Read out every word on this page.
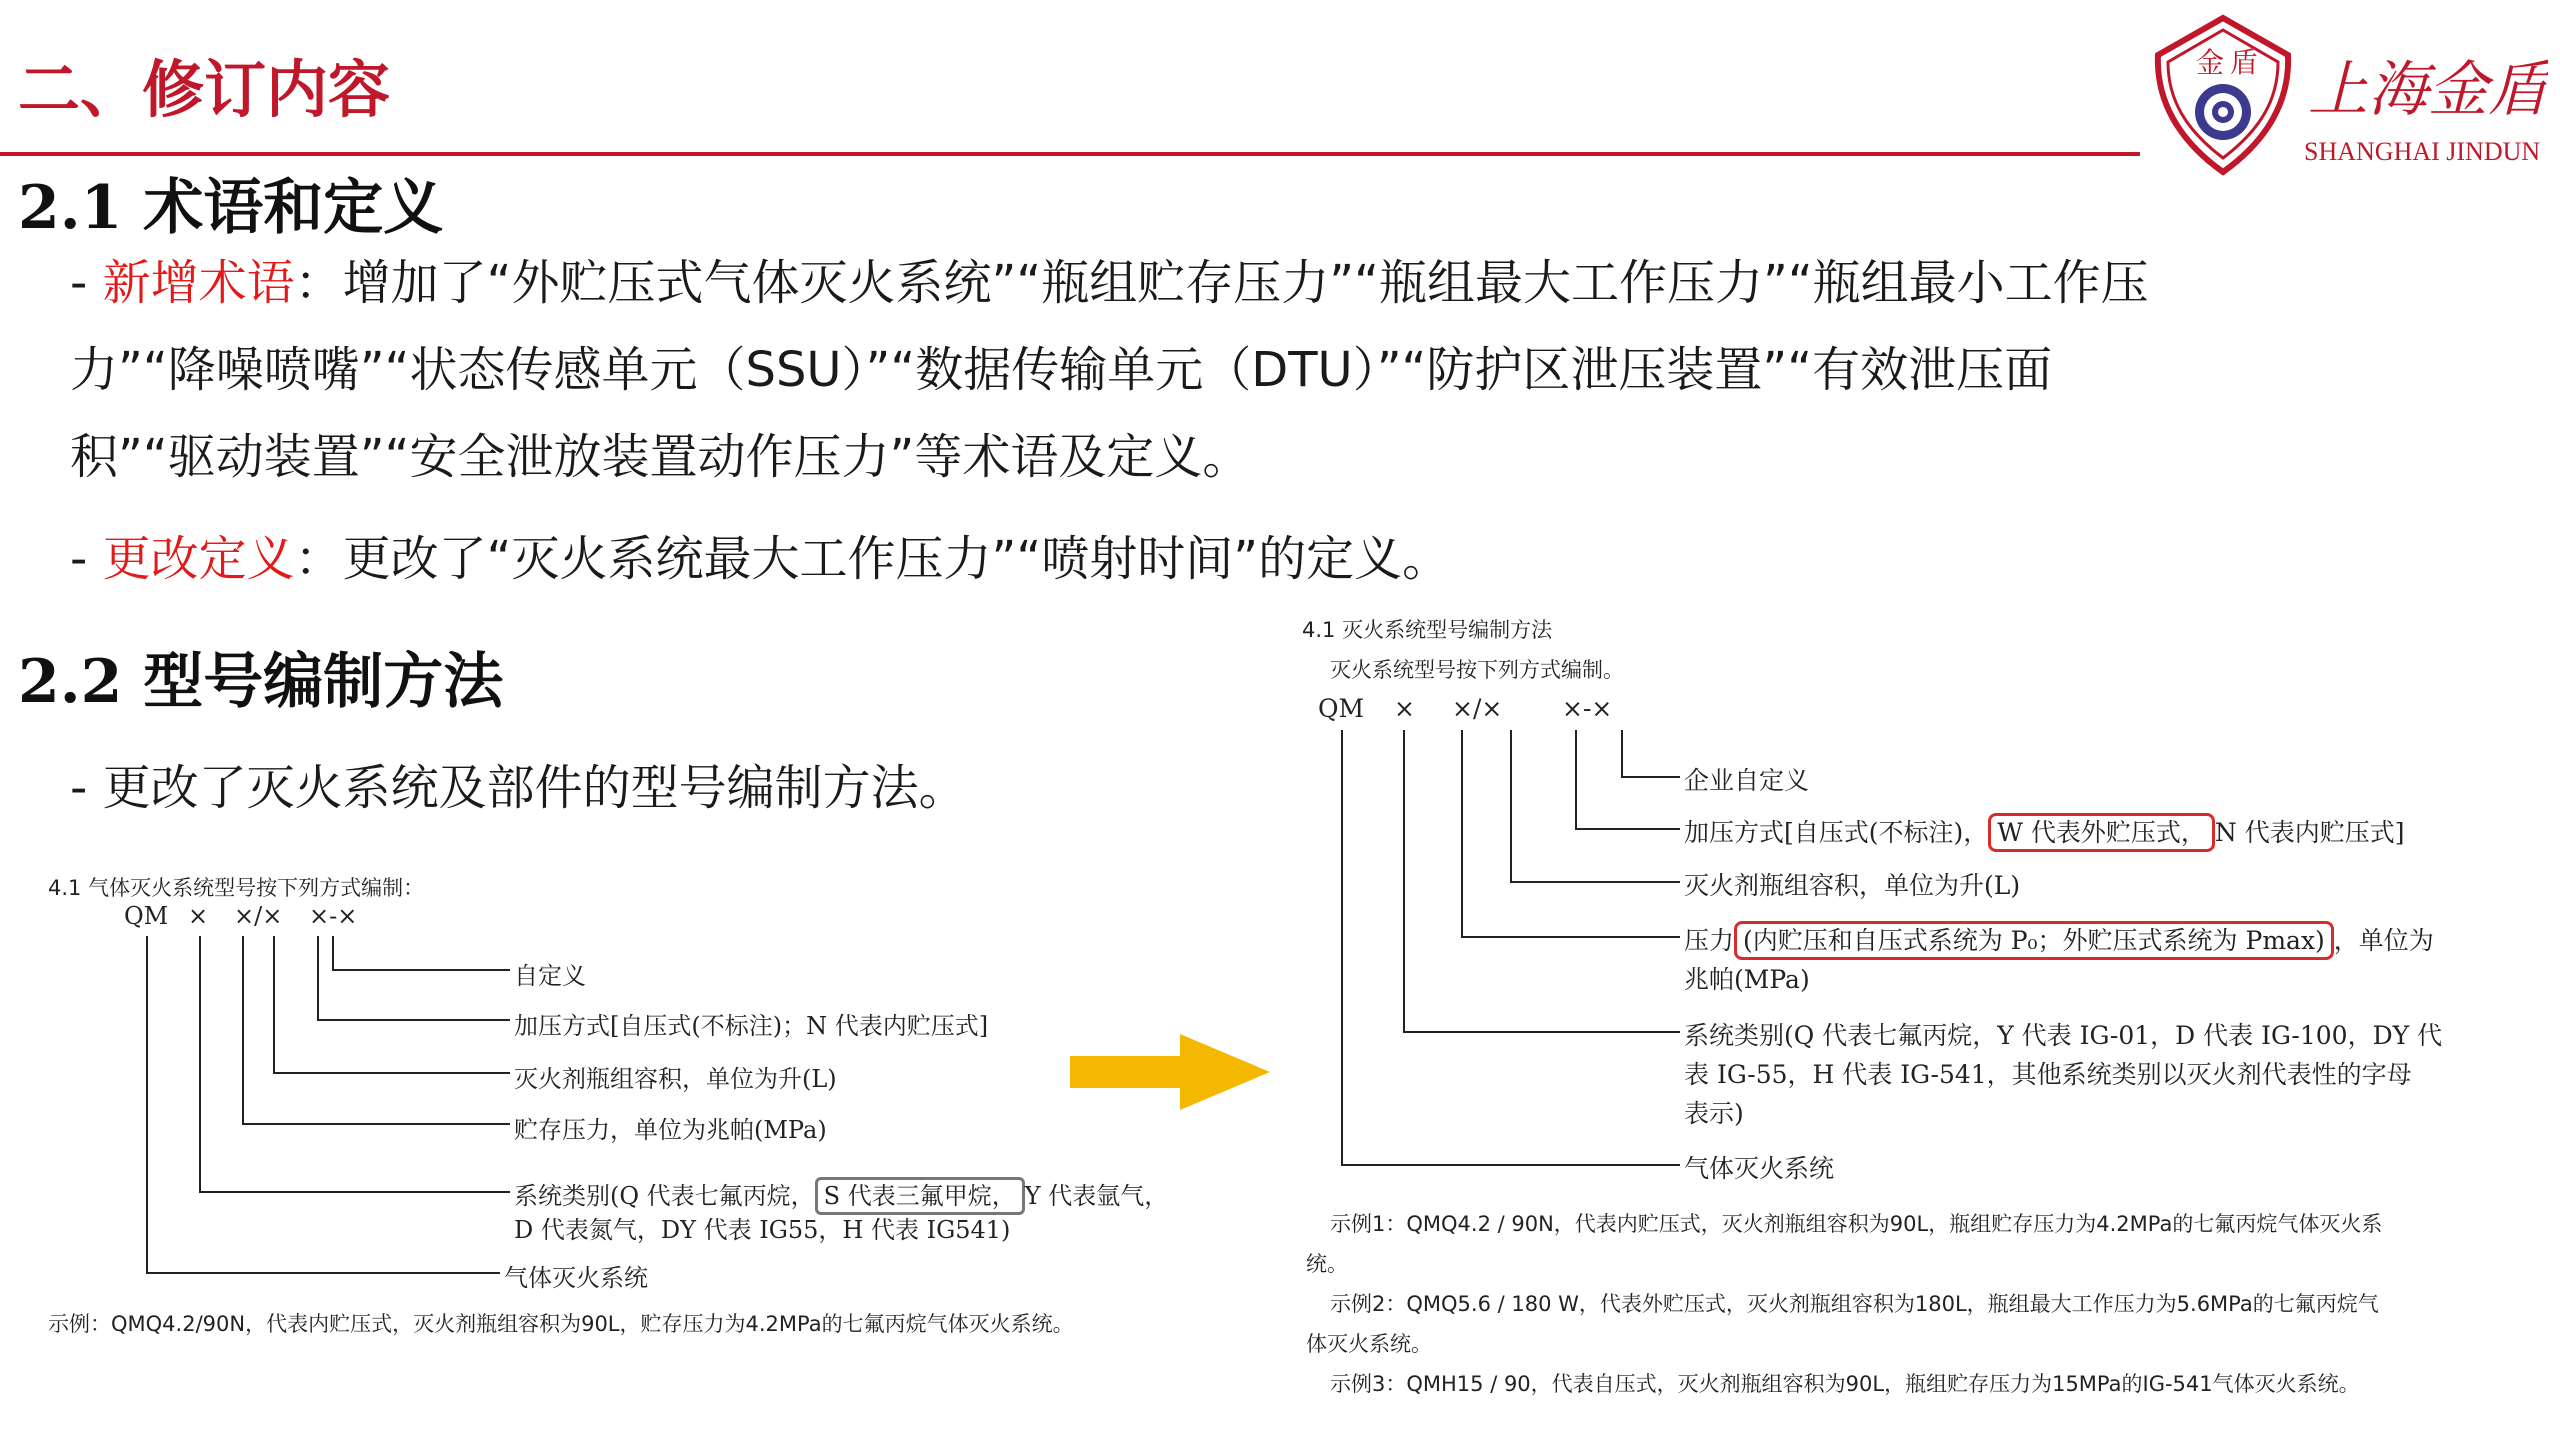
二、修订内容	金 盾 上海金盾
SHANGHAI JINDUN
2.1 术语和定义
- 新增术语：增加了“外贮压式气体灭火系统”“瓶组贮存压力”“瓶组最大工作压力”“瓶组最小工作压
力”“降噪喷嘴”“状态传感单元（SSU）”“数据传输单元（DTU）”“防护区泄压装置”“有效泄压面
积”“驱动装置”“安全泄放装置动作压力”等术语及定义。
- 更改定义：更改了“灭火系统最大工作压力”“喷射时间”的定义。
2.2 型号编制方法
- 更改了灭火系统及部件的型号编制方法。
4.1 气体灭火系统型号按下列方式编制：
QM × ×/× ×-×
自定义
加压方式[自压式(不标注)；N 代表内贮压式]
灭火剂瓶组容积，单位为升(L)
贮存压力，单位为兆帕(MPa)
系统类别(Q 代表七氟丙烷， S 代表三氟甲烷， Y 代表氩气，
D 代表氮气，DY 代表 IG55，H 代表 IG541)
气体灭火系统
示例：QMQ4.2/90N，代表内贮压式，灭火剂瓶组容积为90L，贮存压力为4.2MPa的七氟丙烷气体灭火系统。
4.1 灭火系统型号编制方法
灭火系统型号按下列方式编制。
QM × ×/× ×-×
企业自定义
加压方式[自压式(不标注)， W 代表外贮压式， N 代表内贮压式]
灭火剂瓶组容积，单位为升(L)
压力 (内贮压和自压式系统为 P₀；外贮压式系统为 Pmax) ，单位为
兆帕(MPa)
系统类别(Q 代表七氟丙烷，Y 代表 IG-01，D 代表 IG-100，DY 代
表 IG-55，H 代表 IG-541，其他系统类别以灭火剂代表性的字母
表示)
气体灭火系统
示例1：QMQ4.2 / 90N，代表内贮压式，灭火剂瓶组容积为90L，瓶组贮存压力为4.2MPa的七氟丙烷气体灭火系
统。
示例2：QMQ5.6 / 180 W，代表外贮压式，灭火剂瓶组容积为180L，瓶组最大工作压力为5.6MPa的七氟丙烷气
体灭火系统。
示例3：QMH15 / 90，代表自压式，灭火剂瓶组容积为90L，瓶组贮存压力为15MPa的IG-541气体灭火系统。
